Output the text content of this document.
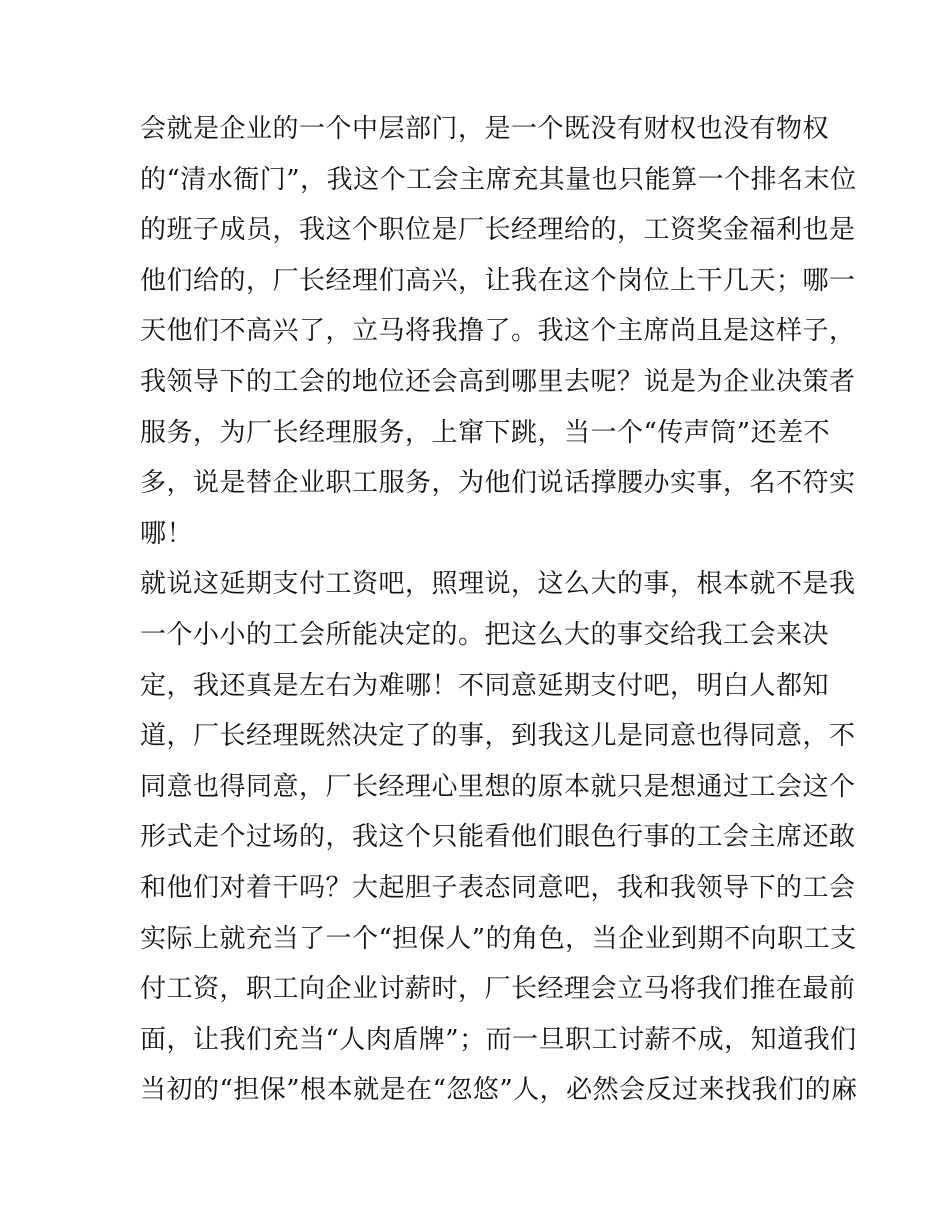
会就是企业的一个中层部门，是一个既没有财权也没有物权
的“清水衙门”，我这个工会主席充其量也只能算一个排名末位
的班子成员，我这个职位是厂长经理给的，工资奖金福利也是
他们给的，厂长经理们高兴，让我在这个岗位上干几天；哪一
天他们不高兴了，立马将我撸了。我这个主席尚且是这样子，
我领导下的工会的地位还会高到哪里去呢？说是为企业决策者
服务，为厂长经理服务，上窜下跳，当一个“传声筒”还差不
多，说是替企业职工服务，为他们说话撑腰办实事，名不符实
哪！
就说这延期支付工资吧，照理说，这么大的事，根本就不是我
一个小小的工会所能决定的。把这么大的事交给我工会来决
定，我还真是左右为难哪！不同意延期支付吧，明白人都知
道，厂长经理既然决定了的事，到我这儿是同意也得同意，不
同意也得同意，厂长经理心里想的原本就只是想通过工会这个
形式走个过场的，我这个只能看他们眼色行事的工会主席还敢
和他们对着干吗？大起胆子表态同意吧，我和我领导下的工会
实际上就充当了一个“担保人”的角色，当企业到期不向职工支
付工资，职工向企业讨薪时，厂长经理会立马将我们推在最前
面，让我们充当“人肉盾牌”；而一旦职工讨薪不成，知道我们
当初的“担保”根本就是在“忽悠”人，必然会反过来找我们的麻
